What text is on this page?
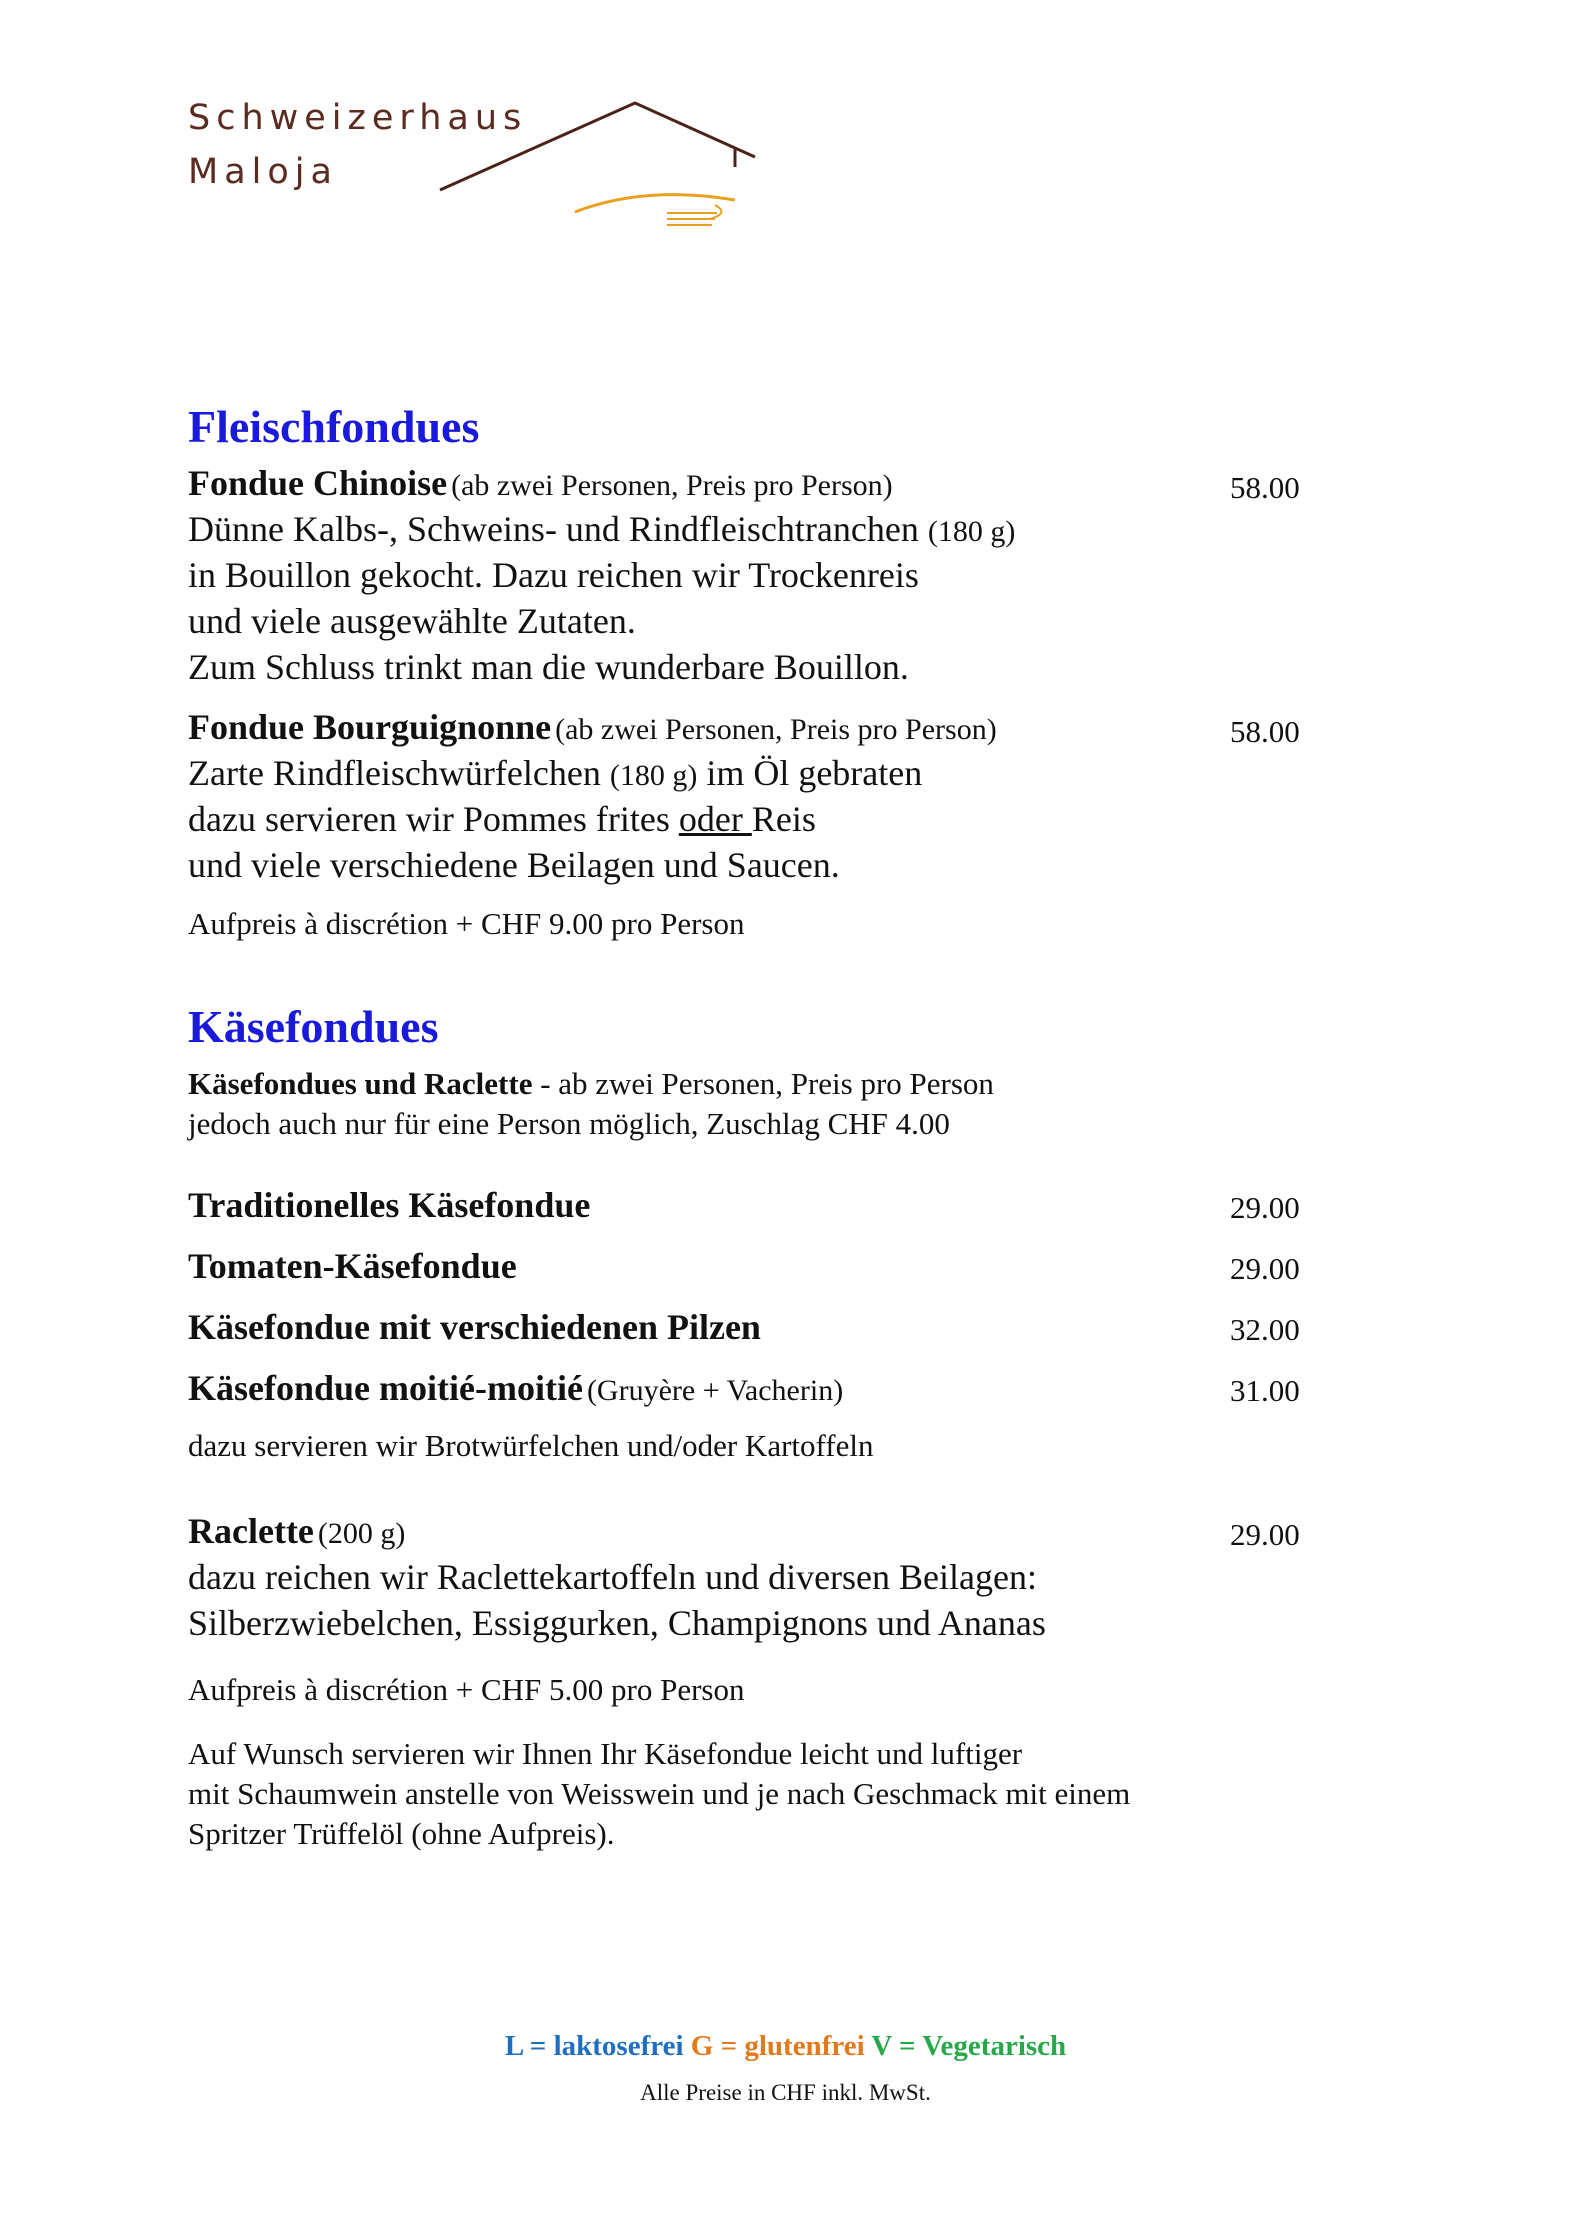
Schweizerhaus
Maloja
Fleischfondues
Fondue Chinoise (ab zwei Personen, Preis pro Person)	58.00
Dünne Kalbs-, Schweins- und Rindfleischtranchen (180 g)
in Bouillon gekocht. Dazu reichen wir Trockenreis
und viele ausgewählte Zutaten.
Zum Schluss trinkt man die wunderbare Bouillon.
Fondue Bourguignonne (ab zwei Personen, Preis pro Person)	58.00
Zarte Rindfleischwürfelchen (180 g) im Öl gebraten
dazu servieren wir Pommes frites oder Reis
und viele verschiedene Beilagen und Saucen.
Aufpreis à discrétion + CHF 9.00 pro Person
Käsefondues
Käsefondues und Raclette - ab zwei Personen, Preis pro Person
jedoch auch nur für eine Person möglich, Zuschlag CHF 4.00
Traditionelles Käsefondue	29.00
Tomaten-Käsefondue	29.00
Käsefondue mit verschiedenen Pilzen	32.00
Käsefondue moitié-moitié (Gruyère + Vacherin)	31.00
dazu servieren wir Brotwürfelchen und/oder Kartoffeln
Raclette (200 g)	29.00
dazu reichen wir Raclettekartoffeln und diversen Beilagen:
Silberzwiebelchen, Essiggurken, Champignons und Ananas
Aufpreis à discrétion + CHF 5.00 pro Person
Auf Wunsch servieren wir Ihnen Ihr Käsefondue leicht und luftiger
mit Schaumwein anstelle von Weisswein und je nach Geschmack mit einem
Spritzer Trüffelöl (ohne Aufpreis).
L = laktosefrei G = glutenfrei V = Vegetarisch
Alle Preise in CHF inkl. MwSt.
